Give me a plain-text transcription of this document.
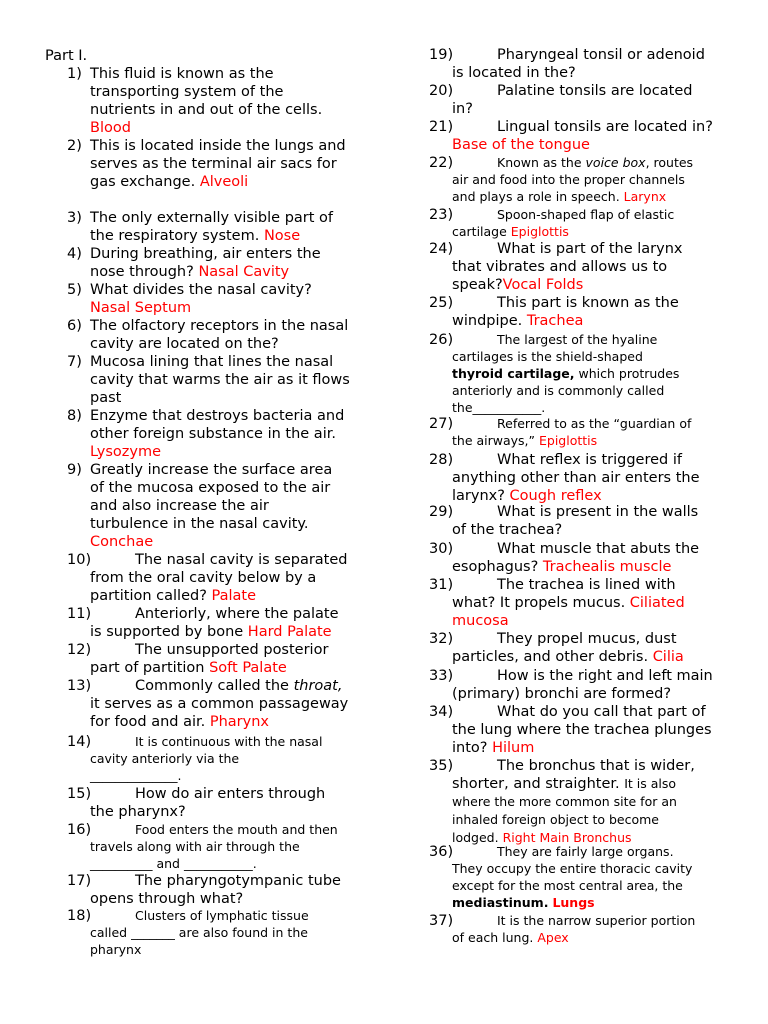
Part I.
1) This fluid is known as the
transporting system of the
nutrients in and out of the cells.
Blood
2) This is located inside the lungs and
serves as the terminal air sacs for
gas exchange. Alveoli
3) The only externally visible part of
the respiratory system. Nose
4) During breathing, air enters the
nose through? Nasal Cavity
5) What divides the nasal cavity?
Nasal Septum
6) The olfactory receptors in the nasal
cavity are located on the?
7) Mucosa lining that lines the nasal
cavity that warms the air as it flows
past
8) Enzyme that destroys bacteria and
other foreign substance in the air.
Lysozyme
9) Greatly increase the surface area
of the mucosa exposed to the air
and also increase the air
turbulence in the nasal cavity.
Conchae
10)	The nasal cavity is separated
from the oral cavity below by a
partition called? Palate
11)	Anteriorly, where the palate
is supported by bone Hard Palate
12)	The unsupported posterior
part of partition Soft Palate
13)	Commonly called the throat,
it serves as a common passageway
for food and air. Pharynx
14)	It is continuous with the nasal
cavity anteriorly via the
______________.
15)	How do air enters through
the pharynx?
16)	Food enters the mouth and then
travels along with air through the
__________ and ___________.
17)	The pharyngotympanic tube
opens through what?
18)	Clusters of lymphatic tissue
called _______ are also found in the
pharynx
19)	Pharyngeal tonsil or adenoid
is located in the?
20)	Palatine tonsils are located
in?
21)	Lingual tonsils are located in?
Base of the tongue
22)	Known as the voice box, routes
air and food into the proper channels
and plays a role in speech. Larynx
23)	Spoon-shaped flap of elastic
cartilage Epiglottis
24)	What is part of the larynx
that vibrates and allows us to
speak?Vocal Folds
25)	This part is known as the
windpipe. Trachea
26)	The largest of the hyaline
cartilages is the shield-shaped
thyroid cartilage, which protrudes
anteriorly and is commonly called
the___________.
27)	Referred to as the “guardian of
the airways,” Epiglottis
28)	What reflex is triggered if
anything other than air enters the
larynx? Cough reflex
29)	What is present in the walls
of the trachea?
30)	What muscle that abuts the
esophagus? Trachealis muscle
31)	The trachea is lined with
what? It propels mucus. Ciliated
mucosa
32)	They propel mucus, dust
particles, and other debris. Cilia
33)	How is the right and left main
(primary) bronchi are formed?
34)	What do you call that part of
the lung where the trachea plunges
into? Hilum
35)	The bronchus that is wider,
shorter, and straighter. It is also
where the more common site for an
inhaled foreign object to become
lodged. Right Main Bronchus
36)	They are fairly large organs.
They occupy the entire thoracic cavity
except for the most central area, the
mediastinum. Lungs
37)	It is the narrow superior portion
of each lung. Apex
